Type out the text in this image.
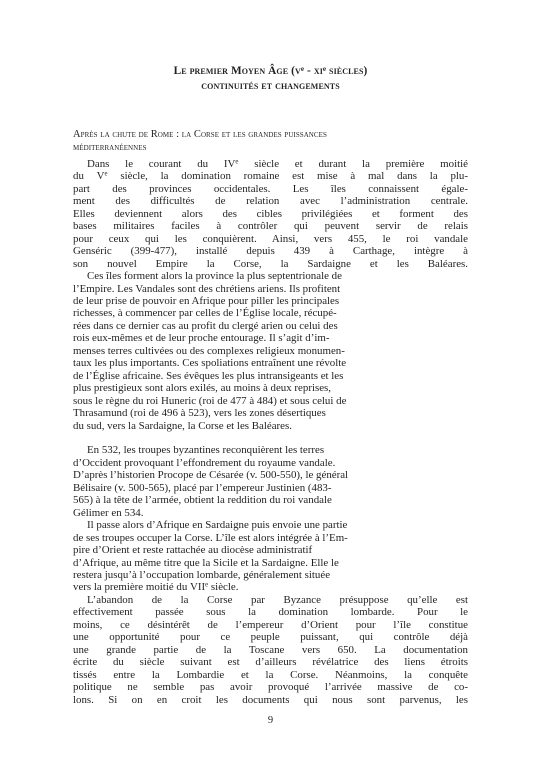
Le premier Moyen Âge ($v^e - xi^e$ siècles)
continuités et changements
Après la chute de Rome : la Corse et les grandes puissances
méditerranéennes

Dans le courant du IVe siècle et durant la première moitié
du Ve siècle, la domination romaine est mise à mal dans la plu-
part des provinces occidentales. Les îles connaissent égale-
ment des difficultés de relation avec l’administration centrale.
Elles deviennent alors des cibles privilégiées et forment des
bases militaires faciles à contrôler qui peuvent servir de relais
pour ceux qui les conquièrent. Ainsi, vers 455, le roi vandale
Genséric (399-477), installé depuis 439 à Carthage, intègre à
son nouvel Empire la Corse, la Sardaigne et les Baléares.

Ces îles forment alors la province la plus septentrionale de
l’Empire. Les Vandales sont des chrétiens ariens. Ils profitent
de leur prise de pouvoir en Afrique pour piller les principales
richesses, à commencer par celles de l’Église locale, récupé-
rées dans ce dernier cas au profit du clergé arien ou celui des
rois eux-mêmes et de leur proche entourage. Il s’agit d’im-
menses terres cultivées ou des complexes religieux monumen-
taux les plus importants. Ces spoliations entraînent une révolte
de l’Église africaine. Ses évêques les plus intransigeants et les
plus prestigieux sont alors exilés, au moins à deux reprises,
sous le règne du roi Huneric (roi de 477 à 484) et sous celui de
Thrasamund (roi de 496 à 523), vers les zones désertiques
du sud, vers la Sardaigne, la Corse et les Baléares.

En 532, les troupes byzantines reconquièrent les terres
d’Occident provoquant l’effondrement du royaume vandale.
D’après l’historien Procope de Césarée (v. 500-550), le général
Bélisaire (v. 500-565), placé par l’empereur Justinien (483-
565) à la tête de l’armée, obtient la reddition du roi vandale
Gélimer en 534.

Il passe alors d’Afrique en Sardaigne puis envoie une partie
de ses troupes occuper la Corse. L’île est alors intégrée à l’Em-
pire d’Orient et reste rattachée au diocèse administratif
d’Afrique, au même titre que la Sicile et la Sardaigne. Elle le
restera jusqu’à l’occupation lombarde, généralement située
vers la première moitié du VIIe siècle.

L’abandon de la Corse par Byzance présuppose qu’elle est
effectivement passée sous la domination lombarde. Pour le
moins, ce désintérêt de l’empereur d’Orient pour l’île constitue
une opportunité pour ce peuple puissant, qui contrôle déjà
une grande partie de la Toscane vers 650. La documentation
écrite du siècle suivant est d’ailleurs révélatrice des liens étroits
tissés entre la Lombardie et la Corse. Néanmoins, la conquête
politique ne semble pas avoir provoqué l’arrivée massive de co-
lons. Si on en croit les documents qui nous sont parvenus, les

9
